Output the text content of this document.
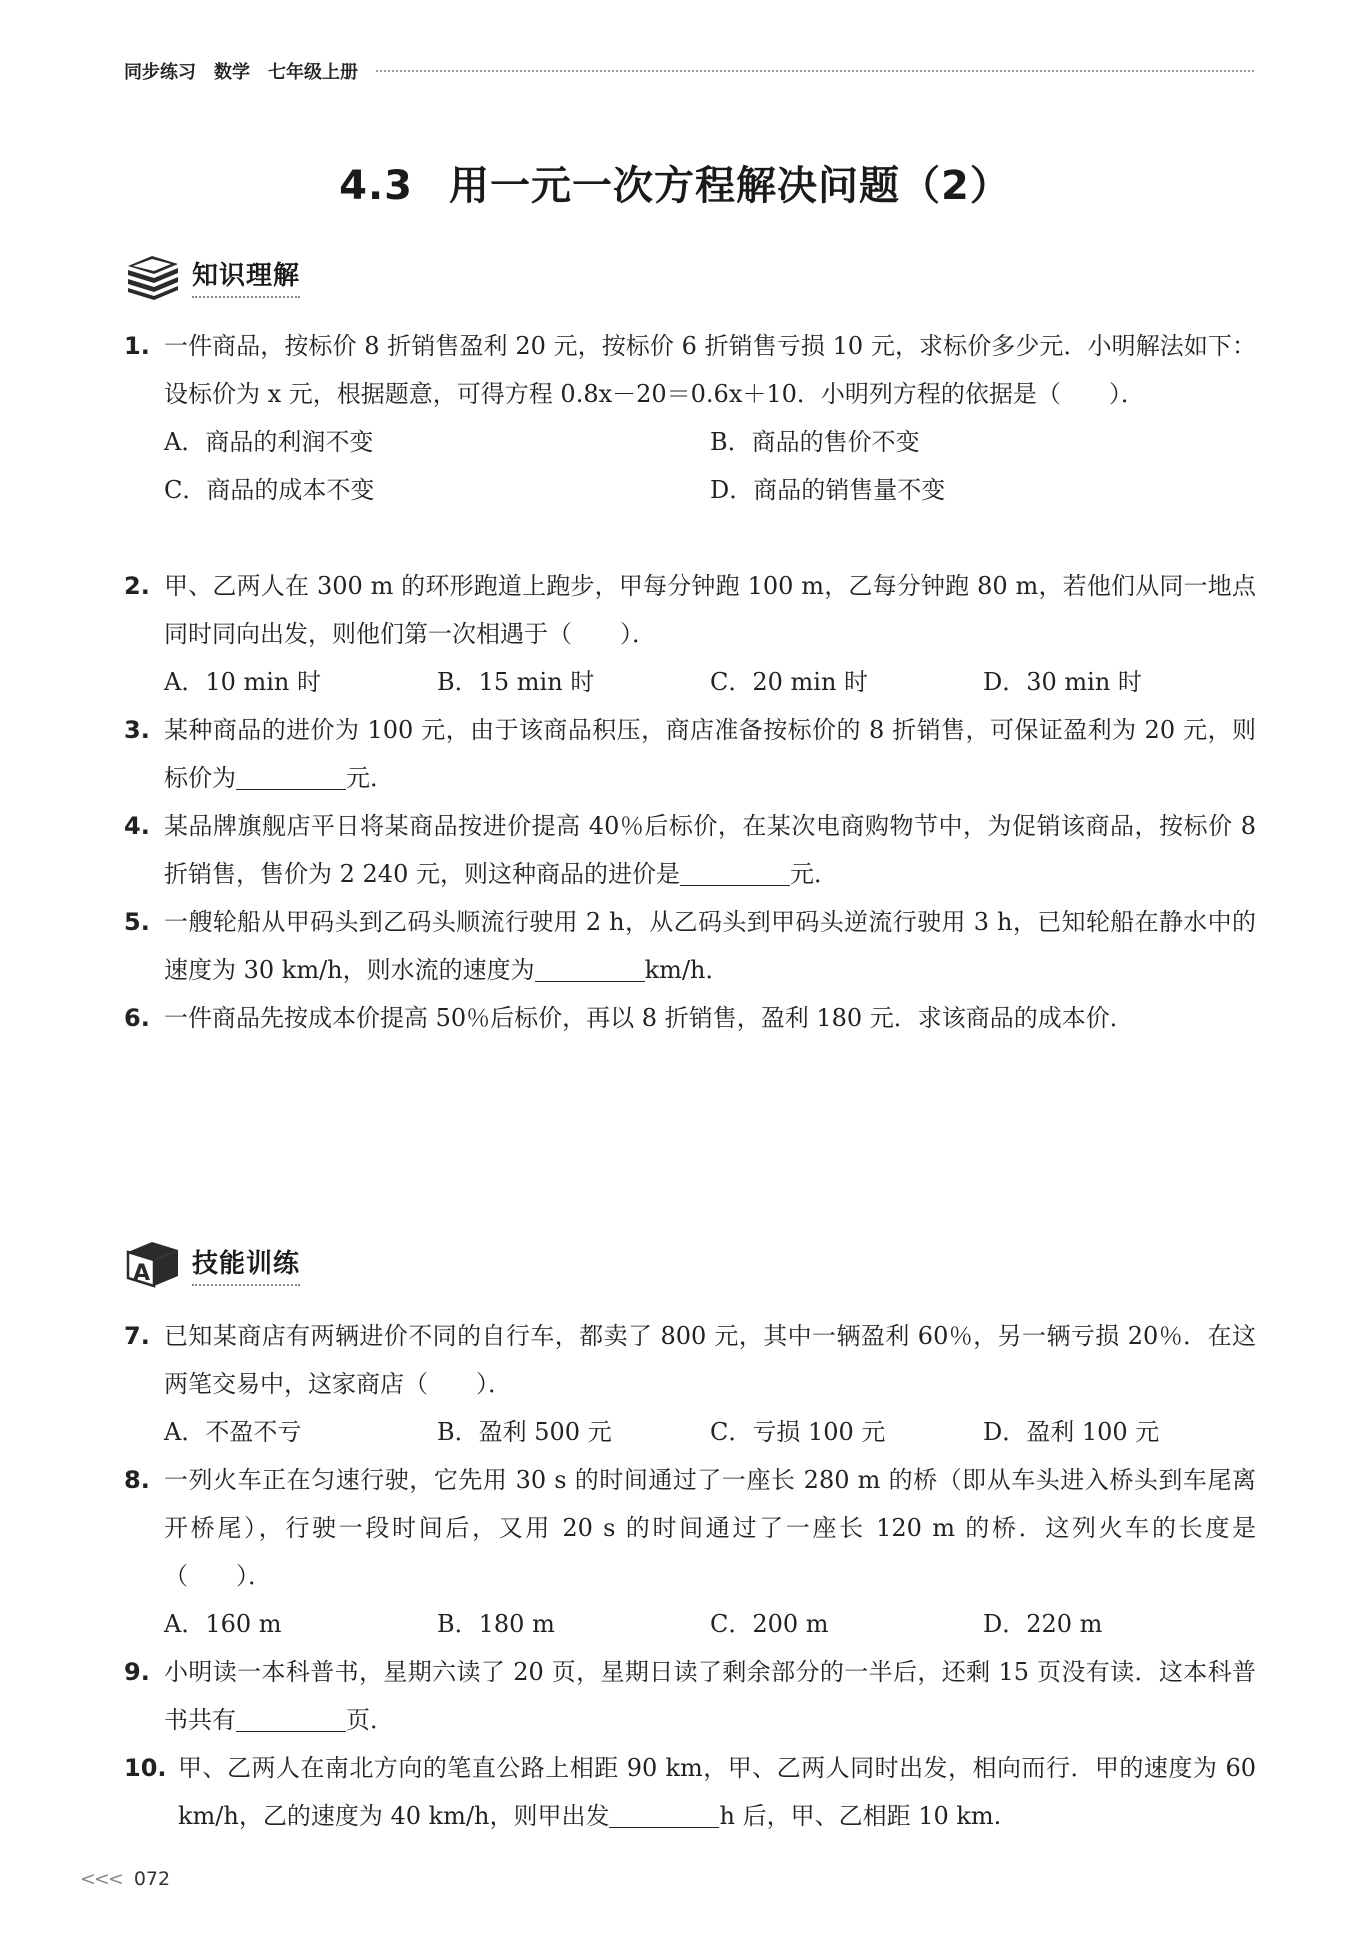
同步练习 数学 七年级上册
4.3 用一元一次方程解决问题（2）
知识理解
1. 一件商品，按标价 8 折销售盈利 20 元，按标价 6 折销售亏损 10 元，求标价多少元．小明解法如下：设标价为 x 元，根据题意，可得方程 0.8x－20＝0.6x＋10．小明列方程的依据是（　　）．
A．商品的利润不变	B．商品的售价不变
C．商品的成本不变	D．商品的销售量不变
2. 甲、乙两人在 300 m 的环形跑道上跑步，甲每分钟跑 100 m，乙每分钟跑 80 m，若他们从同一地点同时同向出发，则他们第一次相遇于（　　）．
A．10 min 时	B．15 min 时	C．20 min 时	D．30 min 时
3. 某种商品的进价为 100 元，由于该商品积压，商店准备按标价的 8 折销售，可保证盈利为 20 元，则标价为	元．
4. 某品牌旗舰店平日将某商品按进价提高 40％后标价，在某次电商购物节中，为促销该商品，按标价 8 折销售，售价为 2 240 元，则这种商品的进价是	元．
5. 一艘轮船从甲码头到乙码头顺流行驶用 2 h，从乙码头到甲码头逆流行驶用 3 h，已知轮船在静水中的速度为 30 km/h，则水流的速度为	km/h．
6. 一件商品先按成本价提高 50％后标价，再以 8 折销售，盈利 180 元．求该商品的成本价．
A 技能训练
7. 已知某商店有两辆进价不同的自行车，都卖了 800 元，其中一辆盈利 60％，另一辆亏损 20％．在这两笔交易中，这家商店（　　）．
A．不盈不亏	B．盈利 500 元	C．亏损 100 元	D．盈利 100 元
8. 一列火车正在匀速行驶，它先用 30 s 的时间通过了一座长 280 m 的桥（即从车头进入桥头到车尾离开桥尾），行驶一段时间后，又用 20 s 的时间通过了一座长 120 m 的桥．这列火车的长度是（　　）．
A．160 m	B．180 m	C．200 m	D．220 m
9. 小明读一本科普书，星期六读了 20 页，星期日读了剩余部分的一半后，还剩 15 页没有读．这本科普书共有	页．
10. 甲、乙两人在南北方向的笔直公路上相距 90 km，甲、乙两人同时出发，相向而行．甲的速度为 60 km/h，乙的速度为 40 km/h，则甲出发	h 后，甲、乙相距 10 km.
<<< 072
